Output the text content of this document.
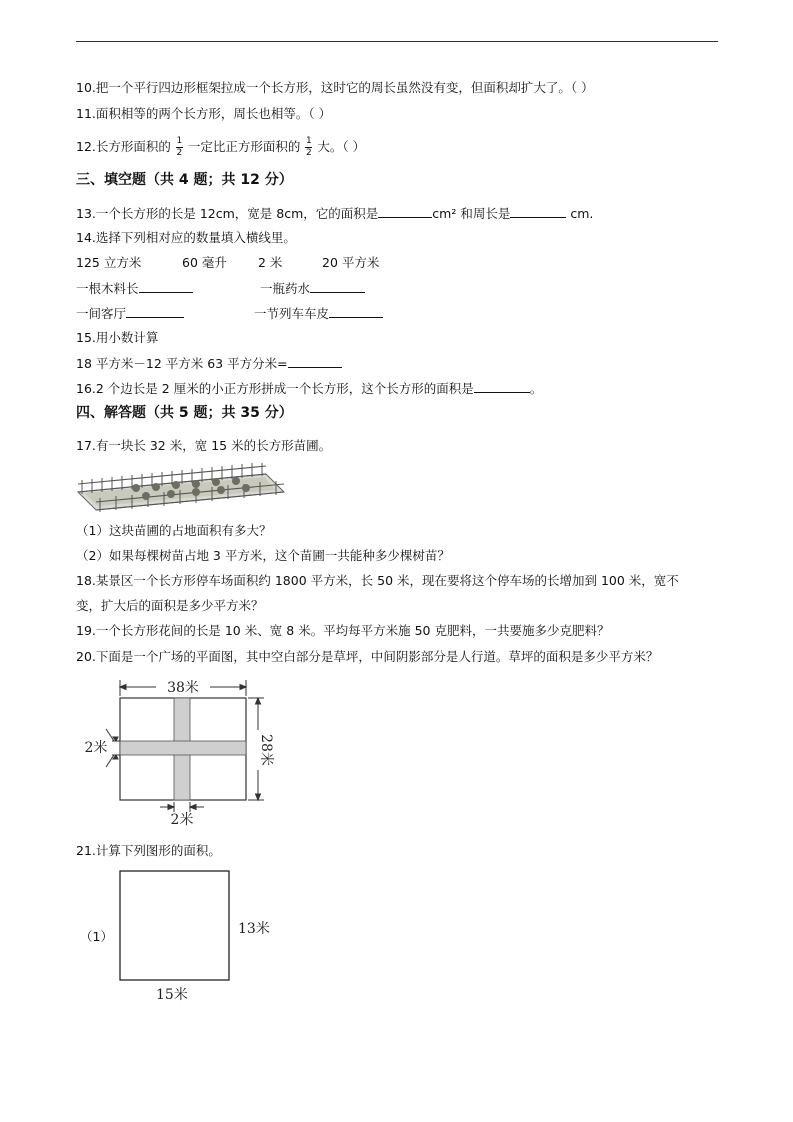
10.把一个平行四边形框架拉成一个长方形，这时它的周长虽然没有变，但面积却扩大了。（ ）
11.面积相等的两个长方形，周长也相等。（ ）
12.长方形面积的 $\frac{1}{2}$ 一定比正方形面积的 $\frac{1}{2}$ 大。（ ）
三、填空题（共 4 题；共 12 分）
13.一个长方形的长是 12cm，宽是 8cm，它的面积是	cm² 和周长是	cm.
14.选择下列相对应的数量填入横线里。
125 立方米	60 毫升 2 米	20 平方米
一根木料长	一瓶药水
一间客厅	一节列车车皮
15.用小数计算
18 平方米－12 平方米 63 平方分米=
16.2 个边长是 2 厘米的小正方形拼成一个长方形，这个长方形的面积是	。
四、解答题（共 5 题；共 35 分）
17.有一块长 32 米，宽 15 米的长方形苗圃。
（1）这块苗圃的占地面积有多大？
（2）如果每棵树苗占地 3 平方米，这个苗圃一共能种多少棵树苗？
18.某景区一个长方形停车场面积约 1800 平方米，长 50 米，现在要将这个停车场的长增加到 100 米，宽不
变，扩大后的面积是多少平方米？
19.一个长方形花间的长是 10 米、宽 8 米。平均每平方米施 50 克肥料，一共要施多少克肥料？
20.下面是一个广场的平面图，其中空白部分是草坪，中间阴影部分是人行道。草坪的面积是多少平方米？
38米
28米
2米
2米
21.计算下列图形的面积。
（1）	13米
15米
